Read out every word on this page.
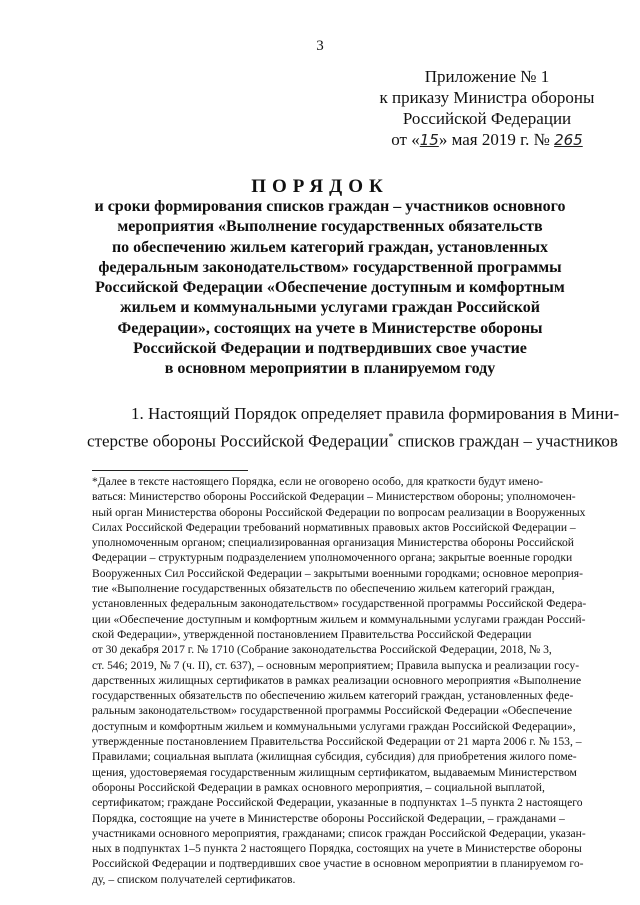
3
Приложение № 1
к приказу Министра обороны
Российской Федерации
от «15» мая 2019 г. № 265
ПОРЯДОК
и сроки формирования списков граждан – участников основного
мероприятия «Выполнение государственных обязательств
по обеспечению жильем категорий граждан, установленных
федеральным законодательством» государственной программы
Российской Федерации «Обеспечение доступным и комфортным
жильем и коммунальными услугами граждан Российской
Федерации», состоящих на учете в Министерстве обороны
Российской Федерации и подтвердивших свое участие
в основном мероприятии в планируемом году
1. Настоящий Порядок определяет правила формирования в Мини-
стерстве обороны Российской Федерации* списков граждан – участников
*Далее в тексте настоящего Порядка, если не оговорено особо, для краткости будут имено-
ваться: Министерство обороны Российской Федерации – Министерством обороны; уполномочен-
ный орган Министерства обороны Российской Федерации по вопросам реализации в Вооруженных
Силах Российской Федерации требований нормативных правовых актов Российской Федерации –
уполномоченным органом; специализированная организация Министерства обороны Российской
Федерации – структурным подразделением уполномоченного органа; закрытые военные городки
Вооруженных Сил Российской Федерации – закрытыми военными городками; основное мероприя-
тие «Выполнение государственных обязательств по обеспечению жильем категорий граждан,
установленных федеральным законодательством» государственной программы Российской Федера-
ции «Обеспечение доступным и комфортным жильем и коммунальными услугами граждан Россий-
ской Федерации», утвержденной постановлением Правительства Российской Федерации
от 30 декабря 2017 г. № 1710 (Собрание законодательства Российской Федерации, 2018, № 3,
ст. 546; 2019, № 7 (ч. II), ст. 637), – основным мероприятием; Правила выпуска и реализации госу-
дарственных жилищных сертификатов в рамках реализации основного мероприятия «Выполнение
государственных обязательств по обеспечению жильем категорий граждан, установленных феде-
ральным законодательством» государственной программы Российской Федерации «Обеспечение
доступным и комфортным жильем и коммунальными услугами граждан Российской Федерации»,
утвержденные постановлением Правительства Российской Федерации от 21 марта 2006 г. № 153, –
Правилами; социальная выплата (жилищная субсидия, субсидия) для приобретения жилого поме-
щения, удостоверяемая государственным жилищным сертификатом, выдаваемым Министерством
обороны Российской Федерации в рамках основного мероприятия, – социальной выплатой,
сертификатом; граждане Российской Федерации, указанные в подпунктах 1–5 пункта 2 настоящего
Порядка, состоящие на учете в Министерстве обороны Российской Федерации, – гражданами –
участниками основного мероприятия, гражданами; список граждан Российской Федерации, указан-
ных в подпунктах 1–5 пункта 2 настоящего Порядка, состоящих на учете в Министерстве обороны
Российской Федерации и подтвердивших свое участие в основном мероприятии в планируемом го-
ду, – списком получателей сертификатов.
